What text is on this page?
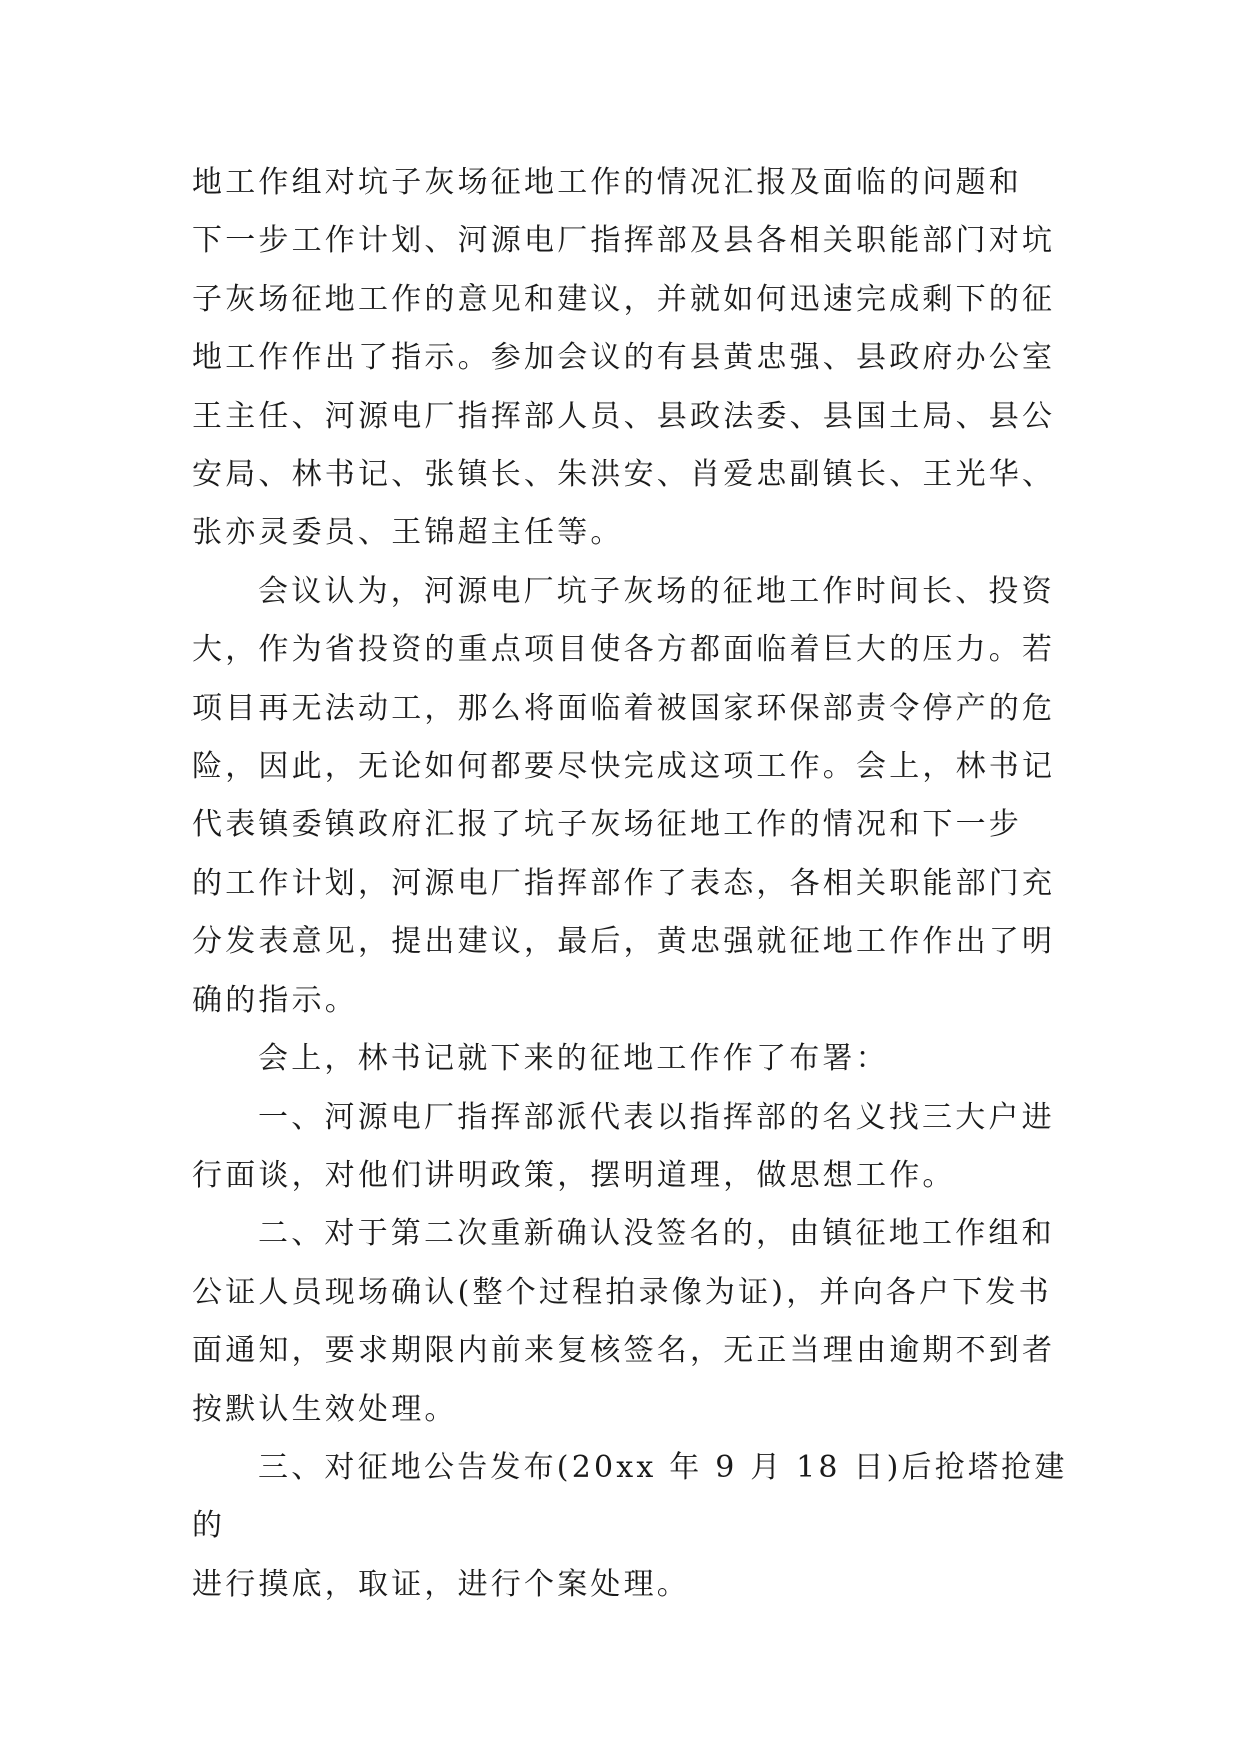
地工作组对坑子灰场征地工作的情况汇报及面临的问题和
下一步工作计划、河源电厂指挥部及县各相关职能部门对坑
子灰场征地工作的意见和建议，并就如何迅速完成剩下的征
地工作作出了指示。参加会议的有县黄忠强、县政府办公室
王主任、河源电厂指挥部人员、县政法委、县国土局、县公
安局、林书记、张镇长、朱洪安、肖爱忠副镇长、王光华、
张亦灵委员、王锦超主任等。

会议认为，河源电厂坑子灰场的征地工作时间长、投资
大，作为省投资的重点项目使各方都面临着巨大的压力。若
项目再无法动工，那么将面临着被国家环保部责令停产的危
险，因此，无论如何都要尽快完成这项工作。会上，林书记
代表镇委镇政府汇报了坑子灰场征地工作的情况和下一步
的工作计划，河源电厂指挥部作了表态，各相关职能部门充
分发表意见，提出建议，最后，黄忠强就征地工作作出了明
确的指示。

会上，林书记就下来的征地工作作了布署：

一、河源电厂指挥部派代表以指挥部的名义找三大户进
行面谈，对他们讲明政策，摆明道理，做思想工作。

二、对于第二次重新确认没签名的，由镇征地工作组和
公证人员现场确认(整个过程拍录像为证)，并向各户下发书
面通知，要求期限内前来复核签名，无正当理由逾期不到者
按默认生效处理。

三、对征地公告发布(20xx 年 9 月 18 日)后抢塔抢建的
进行摸底，取证，进行个案处理。
